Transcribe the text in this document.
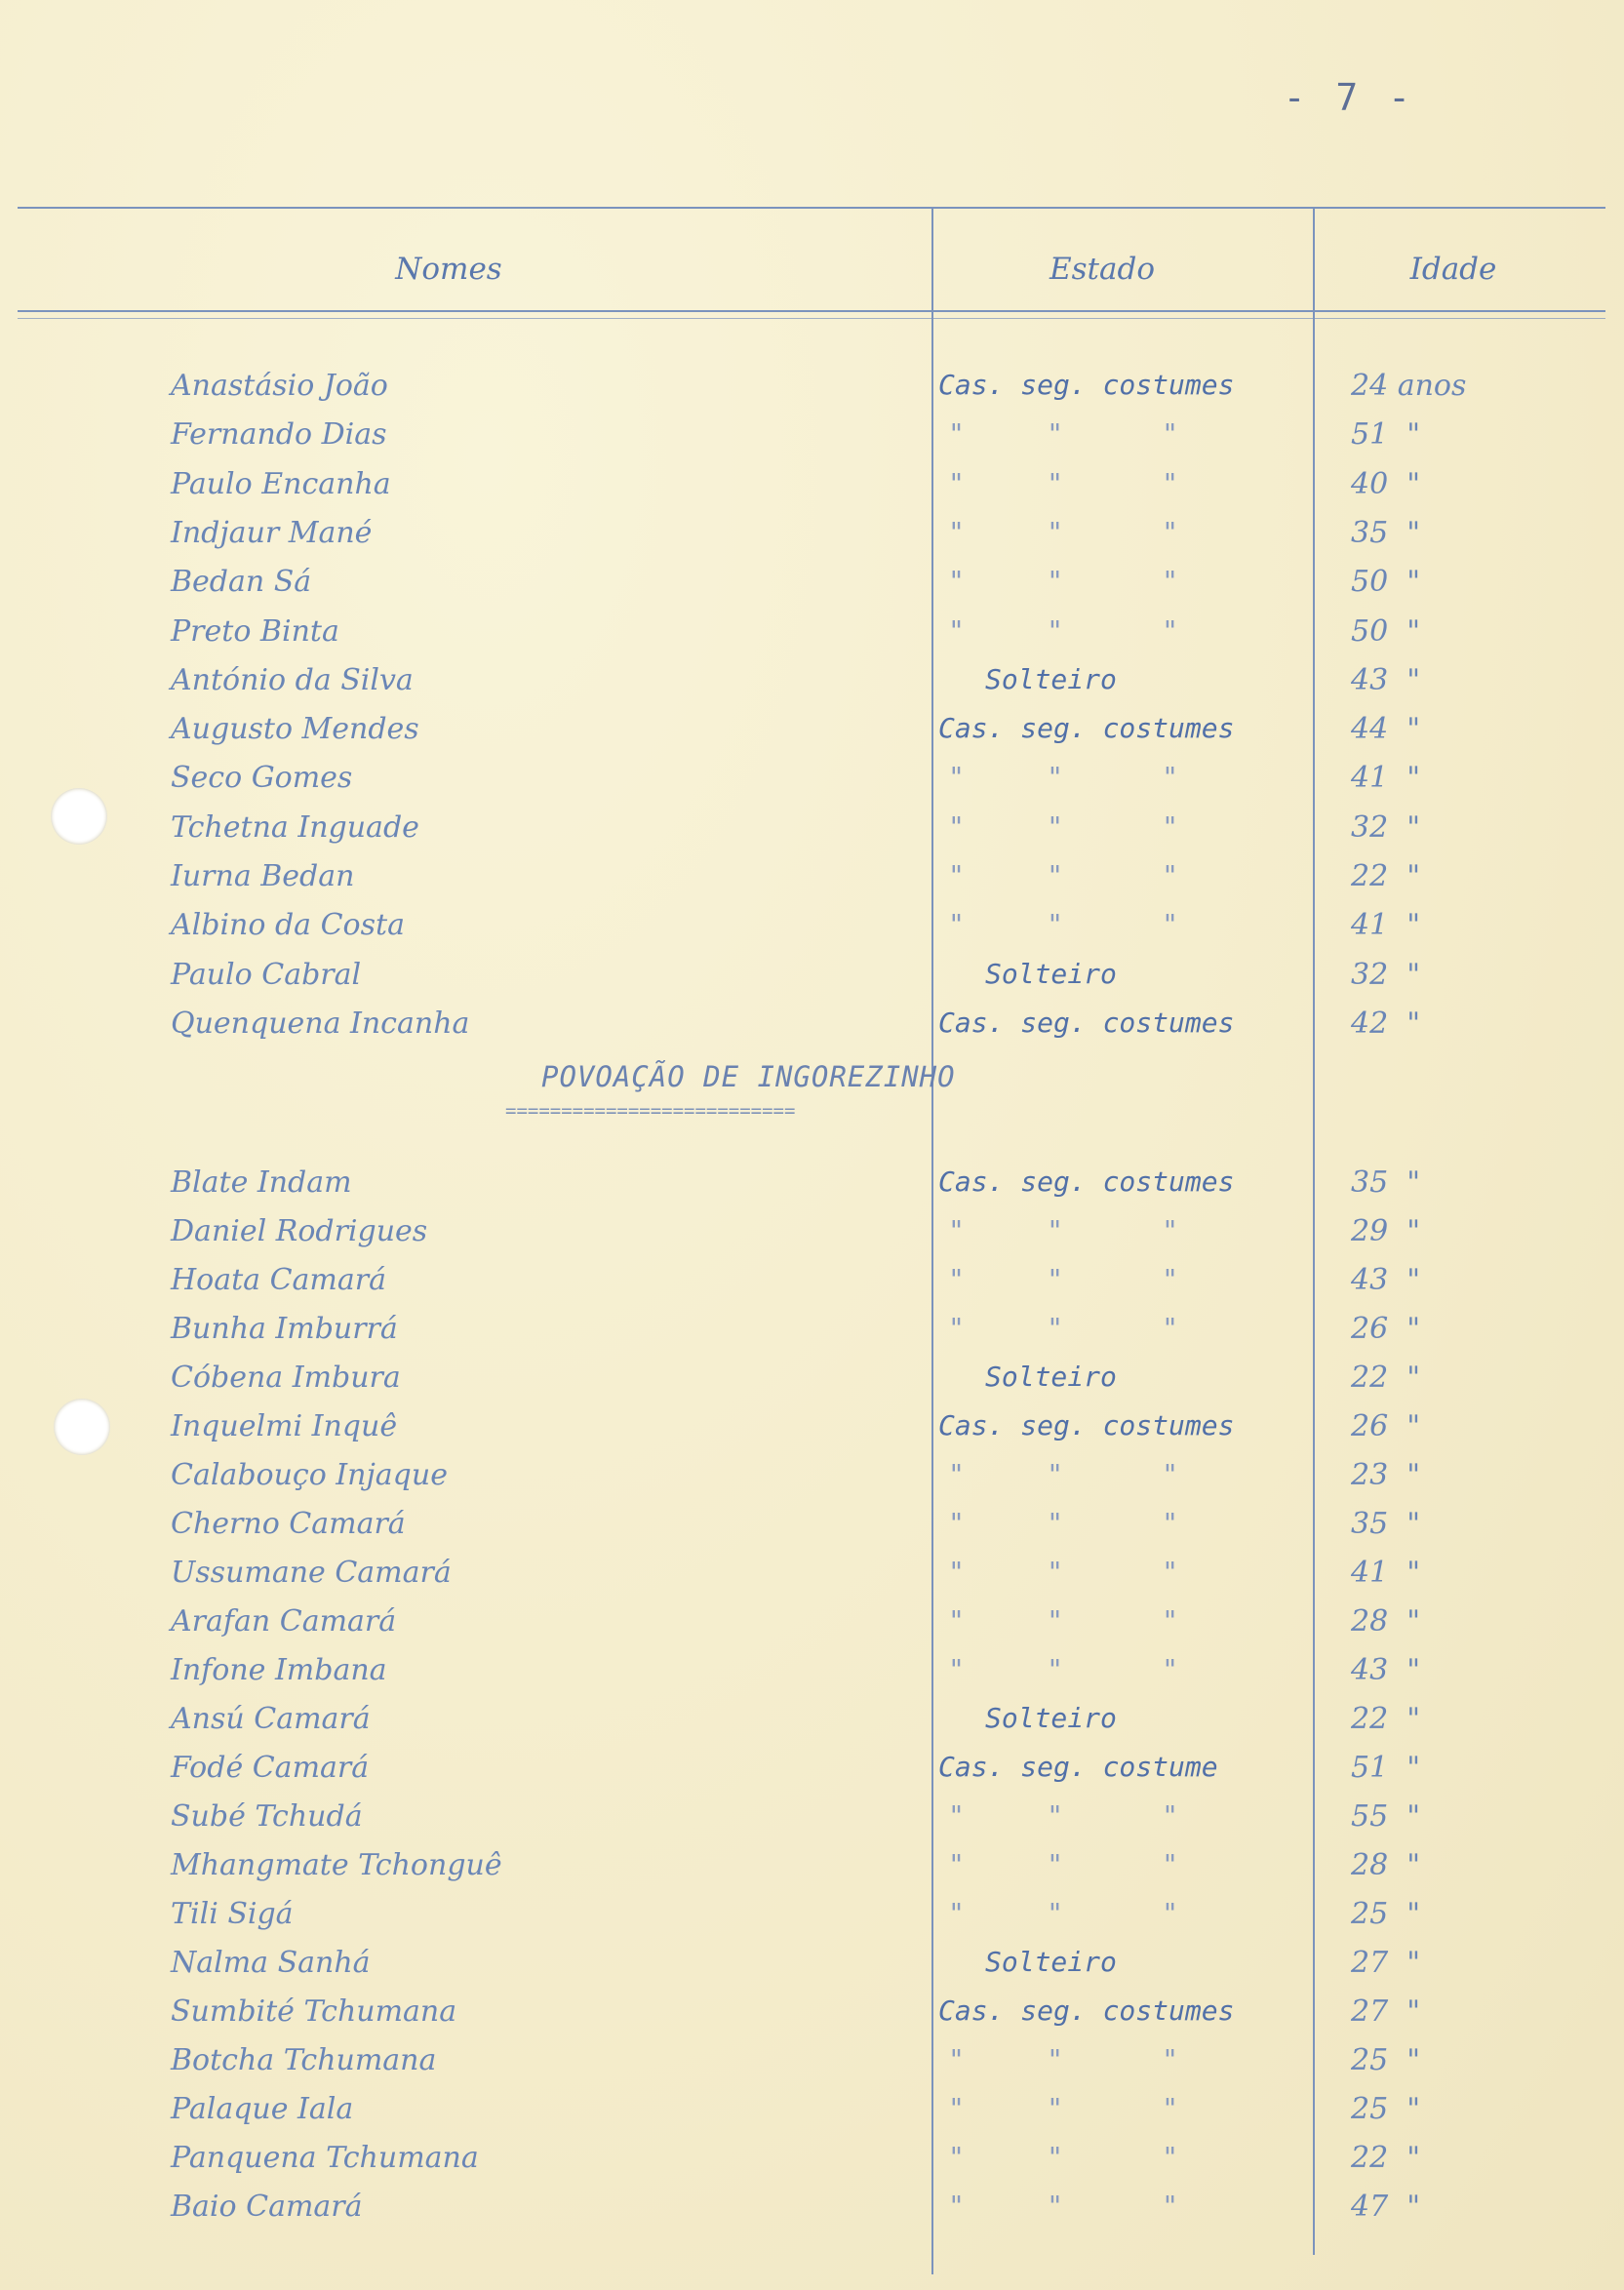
- 7 -
Nomes	Estado	Idade
Anastásio João	Cas. seg. costumes	24 anos
Fernando Dias	"     "      "	51  "
Paulo Encanha	"     "      "	40  "
Indjaur Mané	"     "      "	35  "
Bedan Sá	"     "      "	50  "
Preto Binta	"     "      "	50  "
António da Silva	Solteiro	43  "
Augusto Mendes	Cas. seg. costumes	44  "
Seco Gomes	"     "      "	41  "
Tchetna Inguade	"     "      "	32  "
Iurna Bedan	"     "      "	22  "
Albino da Costa	"     "      "	41  "
Paulo Cabral	Solteiro	32  "
Quenquena Incanha	Cas. seg. costumes	42  "
POVOAÇÃO DE INGOREZINHO
==========================
Blate Indam	Cas. seg. costumes	35  "
Daniel Rodrigues	"     "      "	29  "
Hoata Camará	"     "      "	43  "
Bunha Imburrá	"     "      "	26  "
Cóbena Imbura	Solteiro	22  "
Inquelmi Inquê	Cas. seg. costumes	26  "
Calabouço Injaque	"     "      "	23  "
Cherno Camará	"     "      "	35  "
Ussumane Camará	"     "      "	41  "
Arafan Camará	"     "      "	28  "
Infone Imbana	"     "      "	43  "
Ansú Camará	Solteiro	22  "
Fodé Camará	Cas. seg. costume	51  "
Subé Tchudá	"     "      "	55  "
Mhangmate Tchonguê	"     "      "	28  "
Tili Sigá	"     "      "	25  "
Nalma Sanhá	Solteiro	27  "
Sumbité Tchumana	Cas. seg. costumes	27  "
Botcha Tchumana	"     "      "	25  "
Palaque Iala	"     "      "	25  "
Panquena Tchumana	"     "      "	22  "
Baio Camará	"     "      "	47  "
